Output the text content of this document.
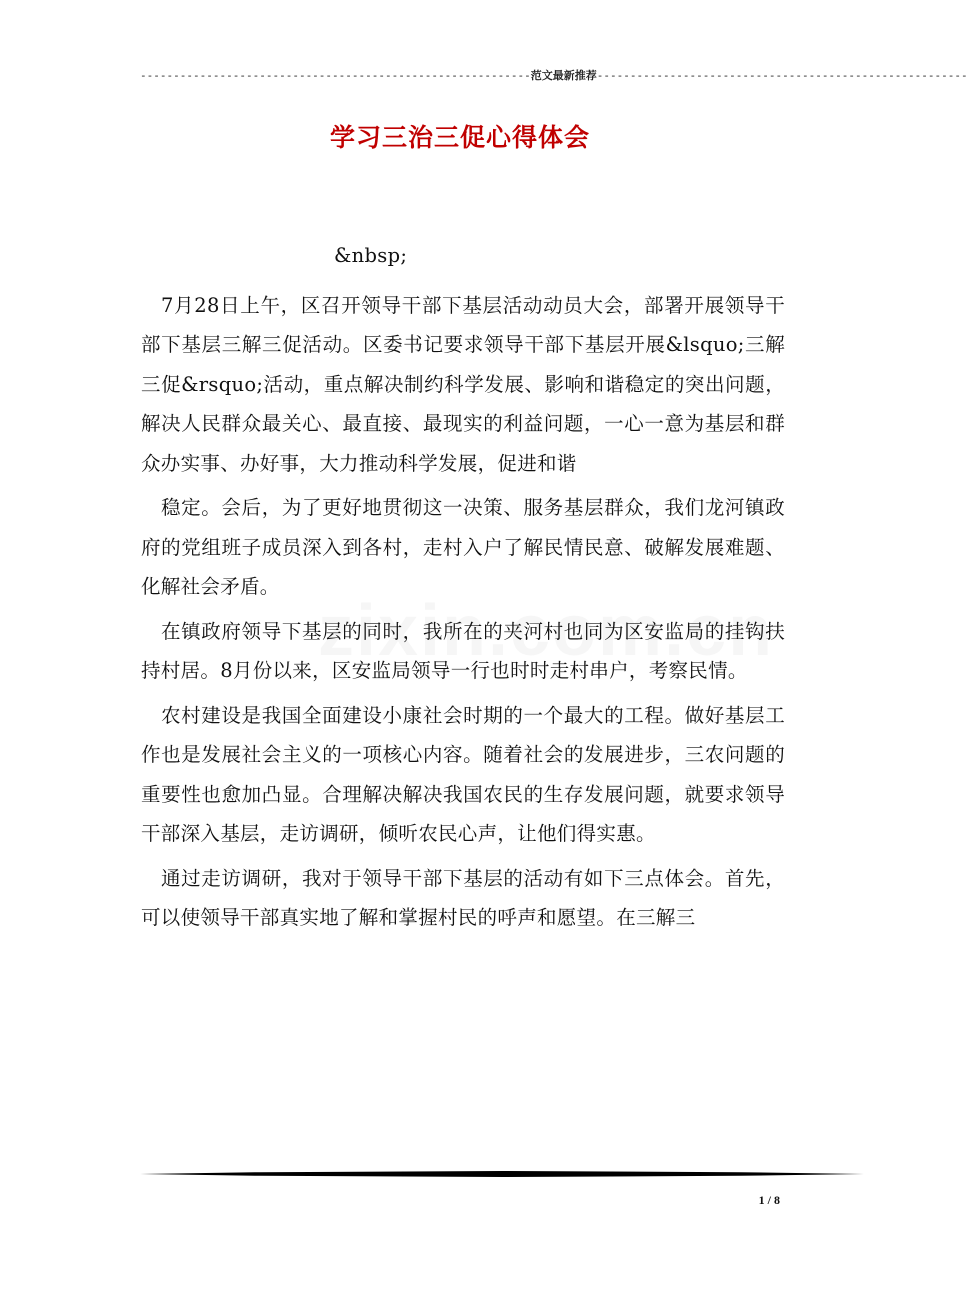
-----------------------------------------------------------范文最新推荐--------------------------------------------------------
学习三治三促心得体会

&nbsp;

7月28日上午，区召开领导干部下基层活动动员大会，部署开展领导干部下基层三解三促活动。区委书记要求领导干部下基层开展&lsquo;三解三促&rsquo;活动，重点解决制约科学发展、影响和谐稳定的突出问题，解决人民群众最关心、最直接、最现实的利益问题，一心一意为基层和群众办实事、办好事，大力推动科学发展，促进和谐

稳定。会后，为了更好地贯彻这一决策、服务基层群众，我们龙河镇政府的党组班子成员深入到各村，走村入户了解民情民意、破解发展难题、化解社会矛盾。

在镇政府领导下基层的同时，我所在的夹河村也同为区安监局的挂钩扶持村居。8月份以来，区安监局领导一行也时时走村串户，考察民情。

农村建设是我国全面建设小康社会时期的一个最大的工程。做好基层工作也是发展社会主义的一项核心内容。随着社会的发展进步，三农问题的重要性也愈加凸显。合理解决解决我国农民的生存发展问题，就要求领导干部深入基层，走访调研，倾听农民心声，让他们得实惠。

通过走访调研，我对于领导干部下基层的活动有如下三点体会。首先，可以使领导干部真实地了解和掌握村民的呼声和愿望。在三解三

1 / 8
